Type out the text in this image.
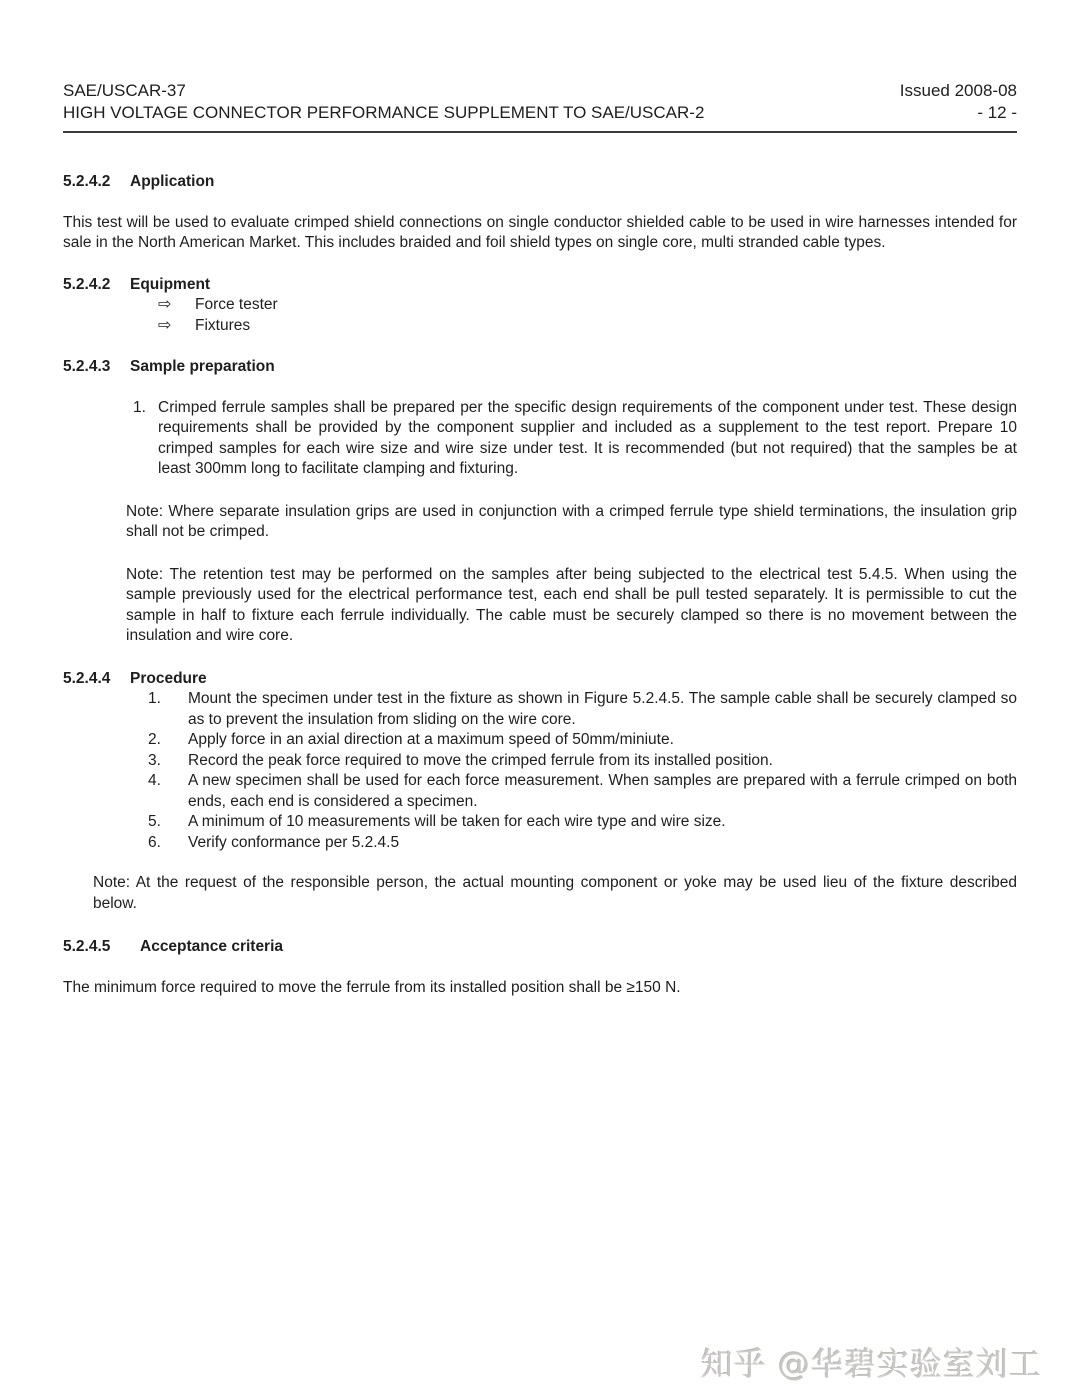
SAE/USCAR-37	Issued 2008-08
HIGH VOLTAGE CONNECTOR PERFORMANCE SUPPLEMENT TO SAE/USCAR-2	- 12 -
5.2.4.2	Application

This test will be used to evaluate crimped shield connections on single conductor shielded cable to be used in wire harnesses intended for sale in the North American Market. This includes braided and foil shield types on single core, multi stranded cable types.

5.2.4.2	Equipment
⇨	Force tester
⇨	Fixtures
5.2.4.3	Sample preparation
1. Crimped ferrule samples shall be prepared per the specific design requirements of the component under test. These design requirements shall be provided by the component supplier and included as a supplement to the test report. Prepare 10 crimped samples for each wire size and wire size under test. It is recommended (but not required) that the samples be at least 300mm long to facilitate clamping and fixturing.

Note: Where separate insulation grips are used in conjunction with a crimped ferrule type shield terminations, the insulation grip shall not be crimped.

Note: The retention test may be performed on the samples after being subjected to the electrical test 5.4.5. When using the sample previously used for the electrical performance test, each end shall be pull tested separately. It is permissible to cut the sample in half to fixture each ferrule individually. The cable must be securely clamped so there is no movement between the insulation and wire core.

5.2.4.4	Procedure
1.	Mount the specimen under test in the fixture as shown in Figure 5.2.4.5. The sample cable shall be securely clamped so as to prevent the insulation from sliding on the wire core.
2.	Apply force in an axial direction at a maximum speed of 50mm/miniute.
3.	Record the peak force required to move the crimped ferrule from its installed position.
4.	A new specimen shall be used for each force measurement. When samples are prepared with a ferrule crimped on both ends, each end is considered a specimen.
5.	A minimum of 10 measurements will be taken for each wire type and wire size.
6.	Verify conformance per 5.2.4.5

Note: At the request of the responsible person, the actual mounting component or yoke may be used lieu of the fixture described below.

5.2.4.5	Acceptance criteria

The minimum force required to move the ferrule from its installed position shall be ≥150 N.

知乎 @华碧实验室刘工
